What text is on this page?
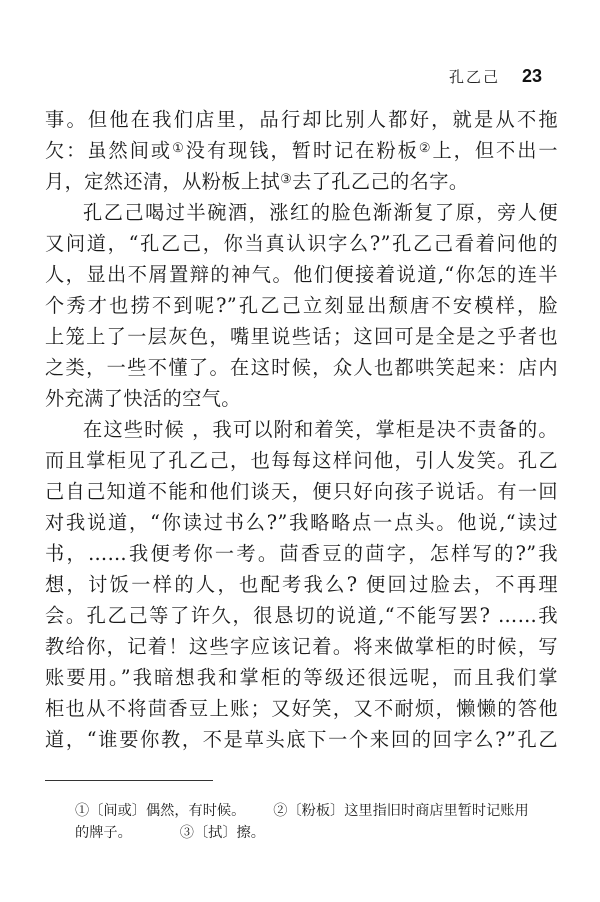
孔乙己 23
事。但他在我们店里，品行却比别人都好，就是从不拖
欠：虽然间或①没有现钱，暂时记在粉板②上，但不出一
月，定然还清，从粉板上拭③去了孔乙己的名字。
孔乙己喝过半碗酒，涨红的脸色渐渐复了原，旁人便
又问道，“孔乙己，你当真认识字么?”孔乙己看着问他的
人，显出不屑置辩的神气。他们便接着说道,“你怎的连半
个秀才也捞不到呢?”孔乙己立刻显出颓唐不安模样，脸
上笼上了一层灰色，嘴里说些话；这回可是全是之乎者也
之类，一些不懂了。在这时候，众人也都哄笑起来：店内
外充满了快活的空气。
在这些时候 ，我可以附和着笑，掌柜是决不责备的。
而且掌柜见了孔乙己，也每每这样问他，引人发笑。孔乙
己自己知道不能和他们谈天，便只好向孩子说话。有一回
对我说道，“你读过书么?”我略略点一点头。他说,“读过
书，……我便考你一考。茴香豆的茴字，怎样写的?”我
想，讨饭一样的人，也配考我么? 便回过脸去，不再理
会。孔乙己等了许久，很恳切的说道,“不能写罢? ……我
教给你，记着！这些字应该记着。将来做掌柜的时候，写
账要用。”我暗想我和掌柜的等级还很远呢，而且我们掌
柜也从不将茴香豆上账；又好笑，又不耐烦，懒懒的答他
道，“谁要你教，不是草头底下一个来回的回字么?”孔乙
①〔间或〕偶然，有时候。 ②〔粉板〕这里指旧时商店里暂时记账用
的牌子。	③〔拭〕擦。
